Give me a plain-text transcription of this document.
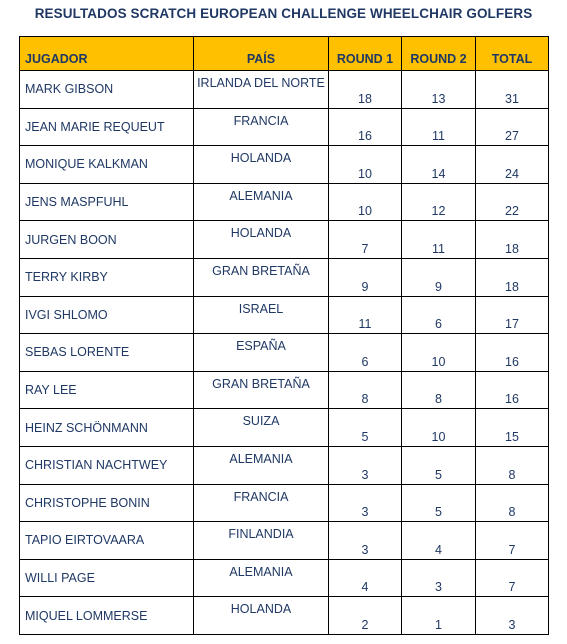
RESULTADOS SCRATCH EUROPEAN CHALLENGE WHEELCHAIR GOLFERS
JUGADOR	PAÍS	ROUND 1	ROUND 2	TOTAL
MARK GIBSON	IRLANDA DEL NORTE	18	13	31
JEAN MARIE REQUEUT	FRANCIA	16	11	27
MONIQUE KALKMAN	HOLANDA	10	14	24
JENS MASPFUHL	ALEMANIA	10	12	22
JURGEN BOON	HOLANDA	7	11	18
TERRY KIRBY	GRAN BRETAÑA	9	9	18
IVGI SHLOMO	ISRAEL	11	6	17
SEBAS LORENTE	ESPAÑA	6	10	16
RAY LEE	GRAN BRETAÑA	8	8	16
HEINZ SCHÖNMANN	SUIZA	5	10	15
CHRISTIAN NACHTWEY	ALEMANIA	3	5	8
CHRISTOPHE BONIN	FRANCIA	3	5	8
TAPIO EIRTOVAARA	FINLANDIA	3	4	7
WILLI PAGE	ALEMANIA	4	3	7
MIQUEL LOMMERSE	HOLANDA	2	1	3
